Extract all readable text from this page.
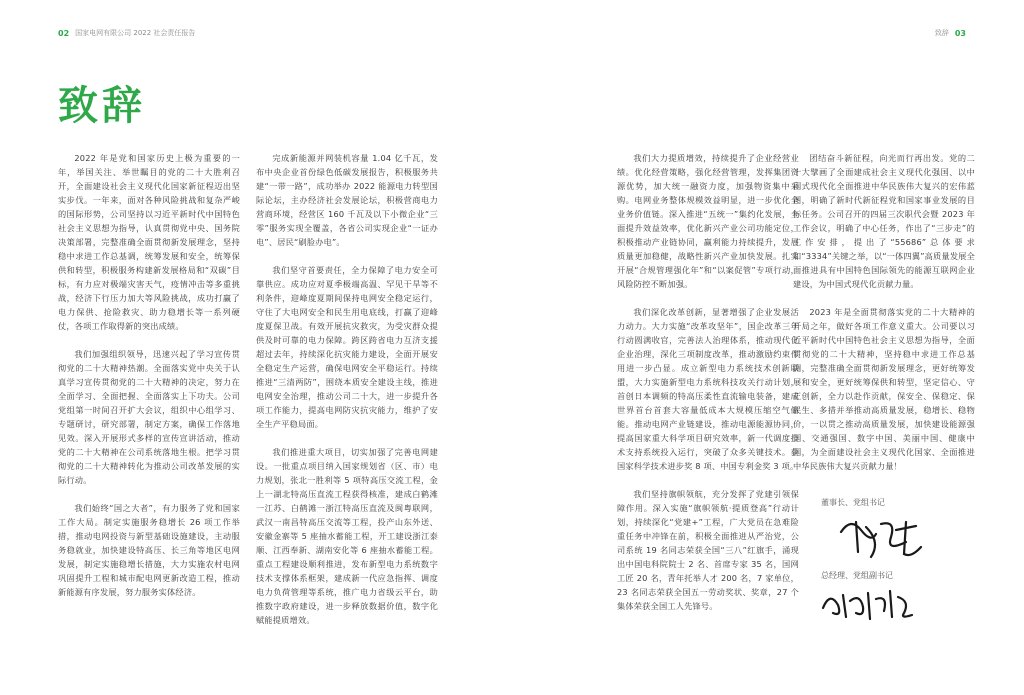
02 国家电网有限公司 2022 社会责任报告	致辞 03
致辞

2022 年是党和国家历史上极为重要的一年，举国关注、举世瞩目的党的二十大胜利召开，全面建设社会主义现代化国家新征程迈出坚实步伐。一年来，面对各种风险挑战和复杂严峻的国际形势，公司坚持以习近平新时代中国特色社会主义思想为指导，认真贯彻党中央、国务院决策部署，完整准确全面贯彻新发展理念，坚持稳中求进工作总基调，统筹发展和安全，统筹保供和转型，积极服务构建新发展格局和“双碳”目标，有力应对极端灾害天气，疫情冲击等多重挑战，经济下行压力加大等风险挑战，成功打赢了电力保供、抢险救灾、助力稳增长等一系列硬仗，各项工作取得新的突出成绩。

我们加强组织领导，迅速兴起了学习宣传贯彻党的二十大精神热潮。全面落实党中央关于认真学习宣传贯彻党的二十大精神的决定，努力在全面学习、全面把握、全面落实上下功夫。公司党组第一时间召开扩大会议，组织中心组学习、专题研讨，研究部署，制定方案，确保工作落地见效。深入开展形式多样的宣传宣讲活动，推动党的二十大精神在公司系统落地生根。把学习贯彻党的二十大精神转化为推动公司改革发展的实际行动。

我们始终“国之大者”，有力服务了党和国家工作大局。制定实施服务稳增长 26 项工作举措，推动电网投资与新型基础设施建设，主动服务稳就业，加快建设特高压、长三角等地区电网发展，制定实施稳增长措施，大力实施农村电网巩固提升工程和城市配电网更新改造工程，推动新能源有序发展，努力服务实体经济。

完成新能源并网装机容量 1.04 亿千瓦，发布中央企业首份绿色低碳发展报告，积极服务共建“一带一路”，成功举办 2022 能源电力转型国际论坛，主办经济社会发展论坛，积极营商电力营商环境，经营区 160 千瓦及以下小微企业“三零”服务实现全覆盖，各省公司实现企业“一证办电”、居民“刷脸办电”。

我们坚守首要责任，全力保障了电力安全可靠供应。成功应对夏季极端高温、罕见干旱等不利条件，迎峰度夏期间保持电网安全稳定运行，守住了大电网安全和民生用电底线，打赢了迎峰度夏保卫战。有效开展抗灾救灾，为受灾群众提供及时可靠的电力保障。跨区跨省电力互济支援超过去年，持续深化抗灾能力建设，全面开展安全稳定生产运营，确保电网安全平稳运行。持续推进“三清两防”，围绕本质安全建设主线，推进电网安全治理，推动公司二十大，进一步提升各项工作能力，提高电网防灾抗灾能力，维护了安全生产平稳局面。

我们推进重大项目，切实加强了完善电网建设。一批重点项目纳入国家规划省（区、市）电力规划，张北一胜利等 5 项特高压交流工程，金上一湖北特高压直流工程获得核准，建成白鹤滩一江苏、白鹤滩一浙江特高压直流及闽粤联网，武汉一南昌特高压交流等工程，投产山东外送、安徽金寨等 5 座抽水蓄能工程，开工建设浙江泰顺、江西奉新、湖南安化等 6 座抽水蓄能工程。重点工程建设顺利推进，发布新型电力系统数字技术支撑体系框架，建成新一代应急指挥、调度电力负荷管理等系统，推广电力省级云平台，助推数字政府建设，进一步释放数据价值，数字化赋能提质增效。

我们大力提质增效，持续提升了企业经营业绩。优化经营策略，强化经营管理，发挥集团资源优势，加大统一融资力度，加强物资集中采购。电网业务整体规模效益明显，进一步优化全业务价值链。深入推进“五统一”集约化发展，全面提升效益效率，优化新兴产业公司功能定位，积极推动产业链协同，赢利能力持续提升，发展质量更加稳健，战略性新兴产业加快发展。扎实开展“合规管理强化年”和“以案促管”专项行动，风险防控不断加强。

我们深化改革创新，显著增强了企业发展活力动力。大力实施“改革攻坚年”，国企改革三年行动圆满收官，完善法人治理体系，推动现代化企业治理，深化三项制度改革，推动激励约束作用进一步凸显。成立新型电力系统技术创新联盟，大力实施新型电力系统科技攻关行动计划，首创日本调频的特高压柔性直流输电装备，建成世界首台首套大容量低成本大规模压缩空气储能。推动电网产业链建设，推动电源能源协同，提高国家重大科学项目研究效率，新一代调度技术支持系统投入运行，突破了众多关键技术。获国家科学技术进步奖 8 项、中国专利金奖 3 项。

我们坚持旗帜领航，充分发挥了党建引领保障作用。深入实施“旗帜领航·提质登高”行动计划，持续深化“党建+”工程，广大党员在急难险重任务中冲锋在前，积极全面推进从严治党，公司系统 19 名同志荣获全国“三八”红旗手，涌现出中国电科院院士 2 名、首席专家 35 名，国网工匠 20 名，青年托举人才 200 名，7 家单位，23 名同志荣获全国五一劳动奖状、奖章，27 个集体荣获全国工人先锋号。

团结奋斗新征程，向光而行再出发。党的二十大擘画了全面建成社会主义现代化强国、以中国式现代化全面推进中华民族伟大复兴的宏伟蓝图，明确了新时代新征程党和国家事业发展的目标任务。公司召开的四届三次职代会暨 2023 年工作会议，明确了中心任务，作出了“三步走”的工作安排，提出了“55686”总体要求和“3334”关键之举，以“一体四翼”高质量发展全面推进具有中国特色国际领先的能源互联网企业建设，为中国式现代化贡献力量。

2023 年是全面贯彻落实党的二十大精神的开局之年，做好各项工作意义重大。公司要以习近平新时代中国特色社会主义思想为指导，全面贯彻党的二十大精神，坚持稳中求进工作总基调，完整准确全面贯彻新发展理念，更好统筹发展和安全，更好统筹保供和转型，坚定信心、守正创新，全力以赴作贡献，保安全、保稳定、保民生、多措并举推动高质量发展，稳增长、稳物价，一以贯之推动高质量发展，加快建设能源强国、交通强国、数字中国、美丽中国、健康中国，为全面建设社会主义现代化国家、全面推进中华民族伟大复兴贡献力量！

董事长、党组书记
总经理、党组副书记
